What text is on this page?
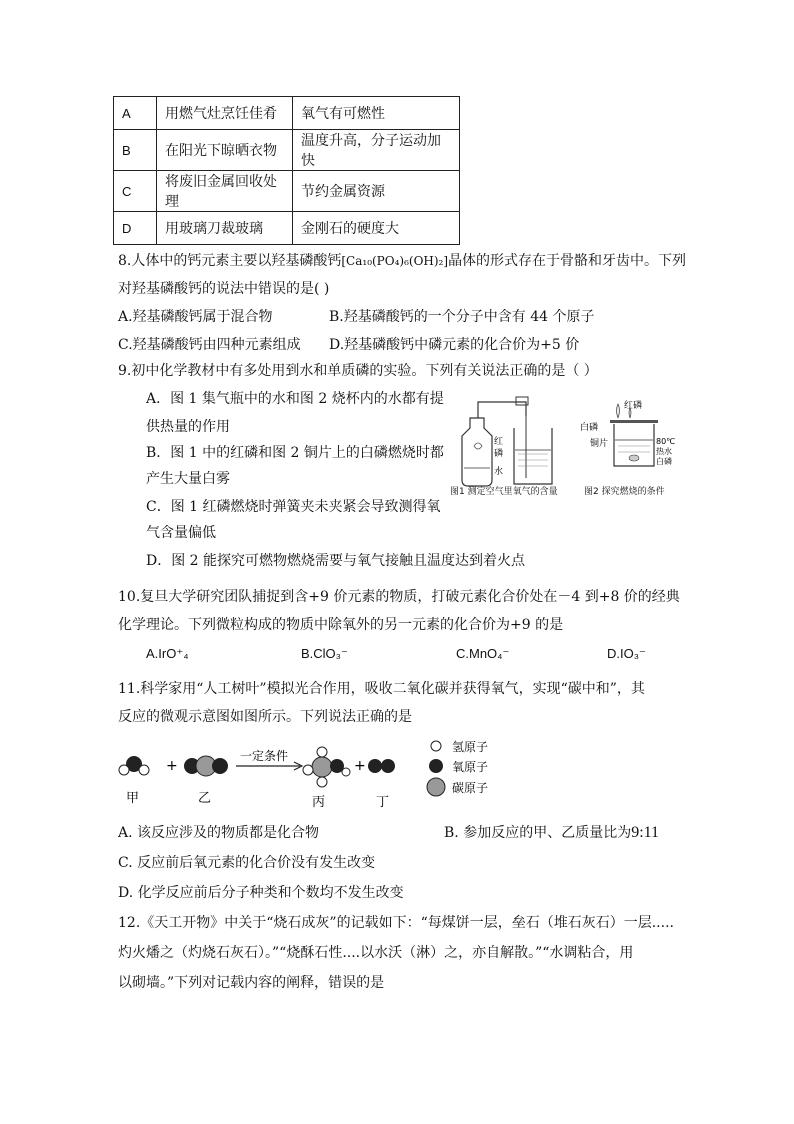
A	用燃气灶烹饪佳肴	氧气有可燃性
B	在阳光下晾晒衣物	温度升高，分子运动加快
C	将废旧金属回收处理	节约金属资源
D	用玻璃刀裁玻璃	金刚石的硬度大
8.人体中的钙元素主要以羟基磷酸钙[Ca₁₀(PO₄)₆(OH)₂]晶体的形式存在于骨骼和牙齿中。下列
对羟基磷酸钙的说法中错误的是( )
A.羟基磷酸钙属于混合物	B.羟基磷酸钙的一个分子中含有 44 个原子
C.羟基磷酸钙由四种元素组成 D.羟基磷酸钙中磷元素的化合价为+5 价
9.初中化学教材中有多处用到水和单质磷的实验。下列有关说法正确的是（ ）
A．图 1 集气瓶中的水和图 2 烧杯内的水都有提
供热量的作用
B．图 1 中的红磷和图 2 铜片上的白磷燃烧时都
产生大量白雾
C．图 1 红磷燃烧时弹簧夹未夹紧会导致测得氧
气含量偏低
D．图 2 能探究可燃物燃烧需要与氧气接触且温度达到着火点
红
磷
水
图1 测定空气里氧气的含量
红磷
白磷
铜片	80℃
热水
白磷
图2 探究燃烧的条件
10.复旦大学研究团队捕捉到含+9 价元素的物质，打破元素化合价处在－4 到+8 价的经典
化学理论。下列微粒构成的物质中除氧外的另一元素的化合价为+9 的是
A.IrO⁺₄	B.ClO₃⁻	C.MnO₄⁻	D.IO₃⁻
11.科学家用“人工树叶”模拟光合作用，吸收二氧化碳并获得氧气，实现“碳中和”，其
反应的微观示意图如图所示。下列说法正确的是
+
一定条件
+
甲	乙	丙	丁
氢原子
氧原子
碳原子
A. 该反应涉及的物质都是化合物	B. 参加反应的甲、乙质量比为9:11
C. 反应前后氧元素的化合价没有发生改变
D. 化学反应前后分子种类和个数均不发生改变
12.《天工开物》中关于“烧石成灰”的记载如下：“每煤饼一层，垒石（堆石灰石）一层.....
灼火燔之（灼烧石灰石）。”“烧酥石性....以水沃（淋）之，亦自解散。”“水调粘合，用
以砌墙。”下列对记载内容的阐释，错误的是
